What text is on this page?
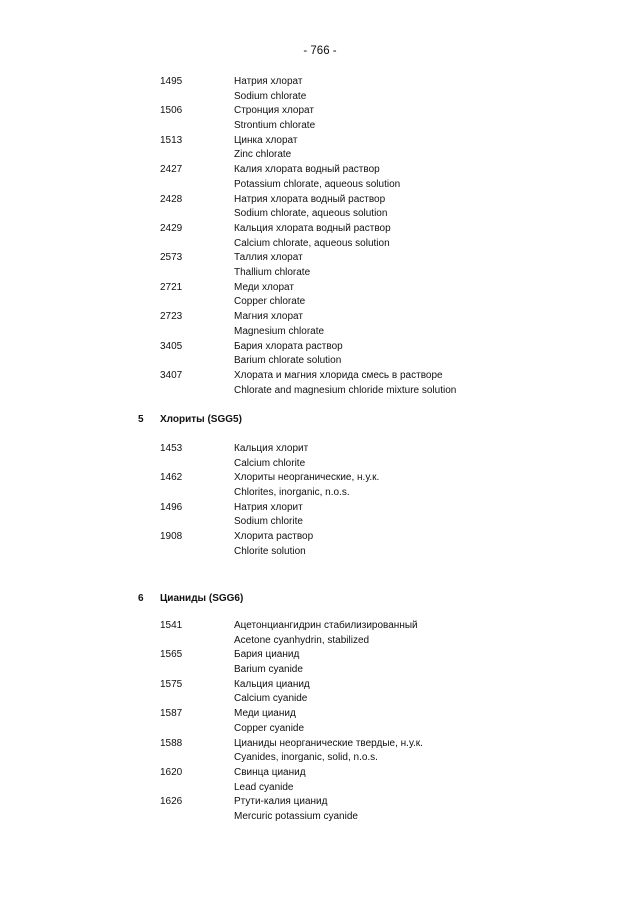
- 766 -
1495	Натрия хлорат
Sodium chlorate
1506	Стронция хлорат
Strontium chlorate
1513	Цинка хлорат
Zinc chlorate
2427	Калия хлората водный раствор
Potassium chlorate, aqueous solution
2428	Натрия хлората водный раствор
Sodium chlorate, aqueous solution
2429	Кальция хлората водный раствор
Calcium chlorate, aqueous solution
2573	Таллия хлорат
Thallium chlorate
2721	Меди хлорат
Copper chlorate
2723	Магния хлорат
Magnesium chlorate
3405	Бария хлората раствор
Barium chlorate solution
3407	Хлората и магния хлорида смесь в растворе
Chlorate and magnesium chloride mixture solution
5 Хлориты (SGG5)
1453	Кальция хлорит
Calcium chlorite
1462	Хлориты неорганические, н.у.к.
Chlorites, inorganic, n.o.s.
1496	Натрия хлорит
Sodium chlorite
1908	Хлорита раствор
Chlorite solution
6 Цианиды (SGG6)
1541	Ацетонциангидрин стабилизированный
Acetone cyanhydrin, stabilized
1565	Бария цианид
Barium cyanide
1575	Кальция цианид
Calcium cyanide
1587	Меди цианид
Copper cyanide
1588	Цианиды неорганические твердые, н.у.к.
Cyanides, inorganic, solid, n.o.s.
1620	Свинца цианид
Lead cyanide
1626	Ртути-калия цианид
Mercuric potassium cyanide
